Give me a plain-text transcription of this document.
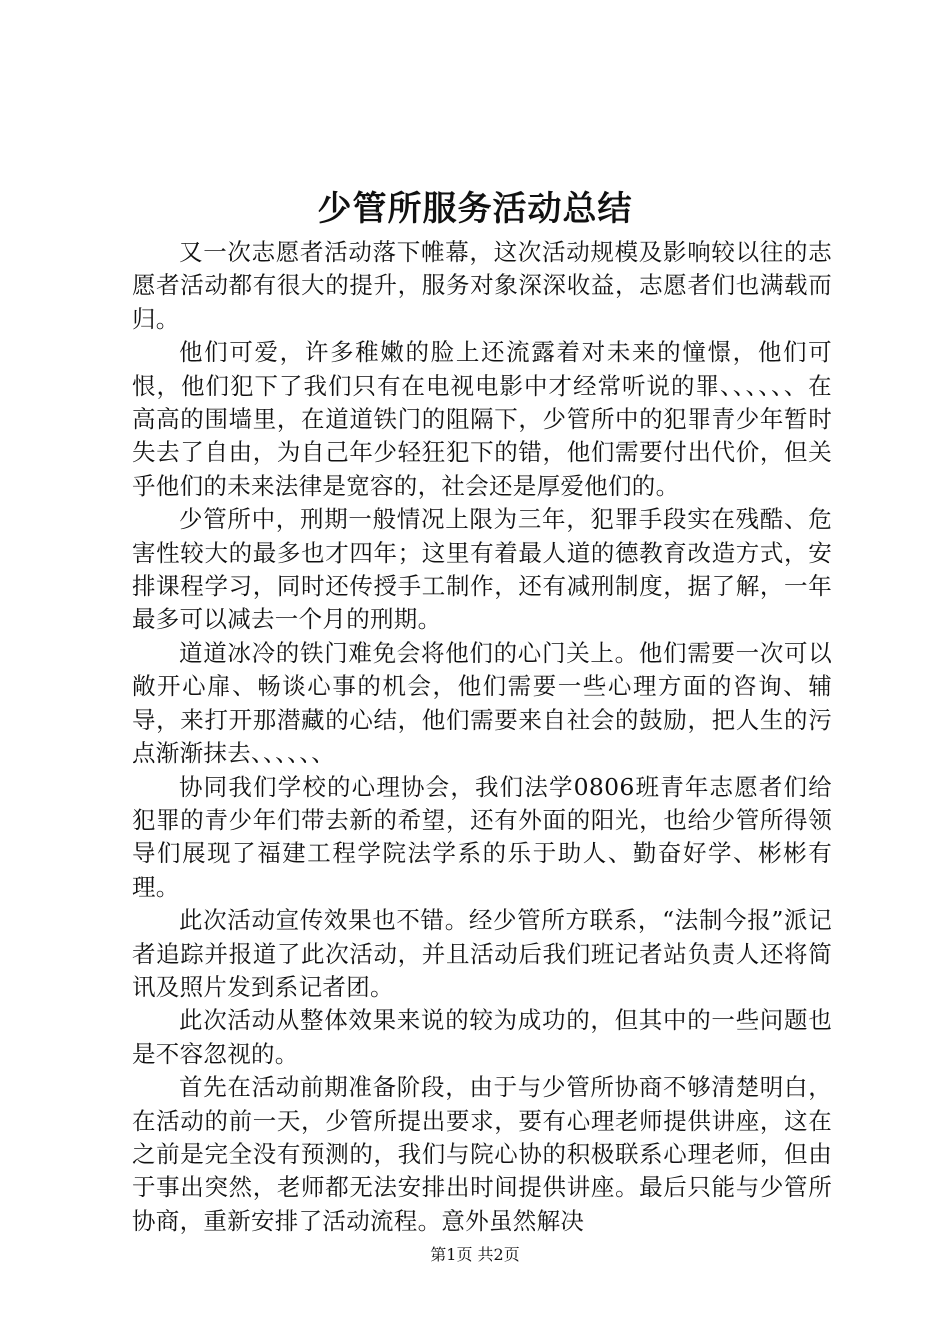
少管所服务活动总结

又一次志愿者活动落下帷幕，这次活动规模及影响较以往的志愿者活动都有很大的提升，服务对象深深收益，志愿者们也满载而归。

他们可爱，许多稚嫩的脸上还流露着对未来的憧憬，他们可恨，他们犯下了我们只有在电视电影中才经常听说的罪、、、、、、在高高的围墙里，在道道铁门的阻隔下，少管所中的犯罪青少年暂时失去了自由，为自己年少轻狂犯下的错，他们需要付出代价，但关乎他们的未来法律是宽容的，社会还是厚爱他们的。

少管所中，刑期一般情况上限为三年，犯罪手段实在残酷、危害性较大的最多也才四年；这里有着最人道的德教育改造方式，安排课程学习，同时还传授手工制作，还有减刑制度，据了解，一年最多可以减去一个月的刑期。

道道冰冷的铁门难免会将他们的心门关上。他们需要一次可以敞开心扉、畅谈心事的机会，他们需要一些心理方面的咨询、辅导，来打开那潜藏的心结，他们需要来自社会的鼓励，把人生的污点渐渐抹去、、、、、、

协同我们学校的心理协会，我们法学0806班青年志愿者们给犯罪的青少年们带去新的希望，还有外面的阳光，也给少管所得领导们展现了福建工程学院法学系的乐于助人、勤奋好学、彬彬有理。

此次活动宣传效果也不错。经少管所方联系，“法制今报”派记者追踪并报道了此次活动，并且活动后我们班记者站负责人还将简讯及照片发到系记者团。

此次活动从整体效果来说的较为成功的，但其中的一些问题也是不容忽视的。

首先在活动前期准备阶段，由于与少管所协商不够清楚明白，在活动的前一天，少管所提出要求，要有心理老师提供讲座，这在之前是完全没有预测的，我们与院心协的积极联系心理老师，但由于事出突然，老师都无法安排出时间提供讲座。最后只能与少管所协商，重新安排了活动流程。意外虽然解决

第1页 共2页
